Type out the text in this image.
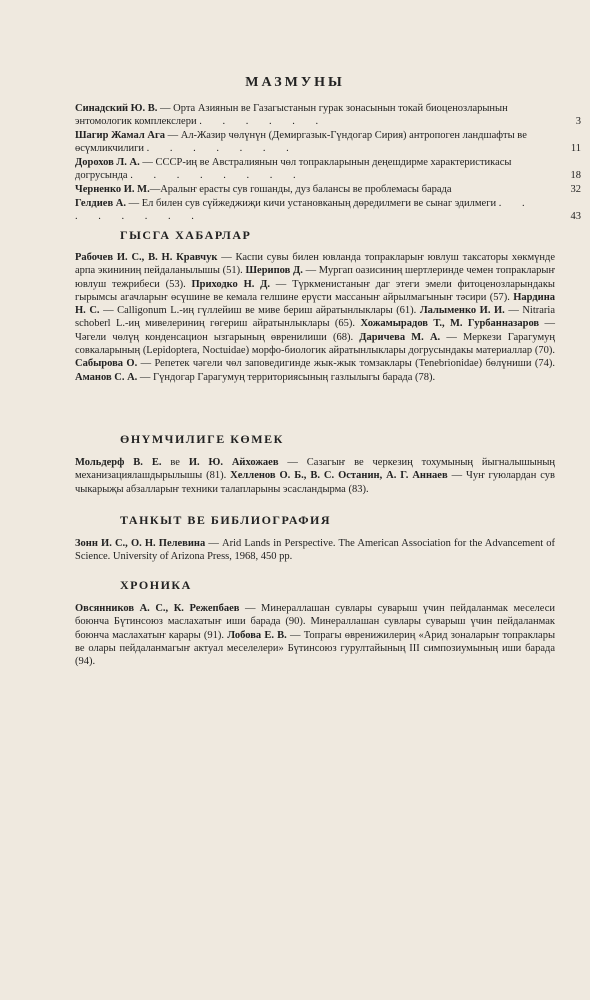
МАЗМУНЫ
Синадский Ю. В. — Орта Азиянын ве Газагыстанын гурак зонасынын токай биоценозларынын энтомологик комплекслери . . . . . .	3
Шагир Жамал Ага — Ал-Жазир чөлүнүн (Демиргазык-Гүндогар Сирия) антропоген ландшафты ве өсүмликчилиги . . . . . . .	11
Дорохов Л. А. — СССР-иң ве Австралиянын чөл топракларынын деңешдирме характеристикасы догрусында . . . . . . . .	18
Черненко И. М.—Аралыҥ ерасты сув гошанды, дуз балансы ве проблемасы барада	32
Гелдиев А. — Ел билен сув сүйжеджиҗи кичи установканың дөредилмеги ве сынаг эдилмеги . . . . . . . .	43
ГЫСГА ХАБАРЛАР
Рабочев И. С., В. Н. Кравчук — Каспи сувы билен ювланда топракларыҥ ювлуш таксаторы хөкмүнде арпа экининиң пейдаланылышы (51). Шерипов Д. — Мургап оазисиниң шертлеринде чемен топракларыҥ ювлуш тежрибеси (53). Приходко Н. Д. — Түркменистаныҥ даг этеги эмели фитоценозларындакы гырымсы агачларыҥ өсүшине ве кемала гелшине ерүсти массаныҥ айрылмагыныҥ тәсири (57). Нардина Н. С. — Calligonum L.-иң гүллейиш ве миве бериш айратынлыклары (61). Лалыменко И. И. — Nitraria schoberl L.-иң мивелериниң гөгериш айратынлыклары (65). Хожамырадов Т., М. Гурбанназаров — Чәгели чөлүң конденсацион ызгарының өвренилиши (68). Даричева М. А. — Меркези Гарагумуң совкаларының (Lepidoptera, Noctuidae) морфо-биологик айратынлыклары догрусындакы материаллар (70). Сабырова О. — Репетек чәгели чөл заповедигинде жык-жык томзаклары (Tenebrionidae) бөлүниши (74). Аманов С. А. — Гүндогар Гарагумуң территориясының газлылыгы барада (78).
ӨНҮМЧИЛИГЕ КӨМЕК
Мольдерф В. Е. ве И. Ю. Айхожаев — Сазагыҥ ве черкезиң тохумының йыгналышының механизациялашдырылышы (81). Хелленов О. Б., В. С. Останин, А. Г. Аннаев — Чуҥ гуюлардан сув чыкарыҗы абзалларыҥ техники талапларыны эсасландырма (83).
ТАНКЫТ ВЕ БИБЛИОГРАФИЯ
Зонн И. С., О. Н. Пелевина — Arid Lands in Perspective. The American Association for the Advancement of Science. University of Arizona Press, 1968, 450 pp.
ХРОНИКА
Овсянников А. С., К. Режепбаев — Минераллашан сувлары суварыш үчин пейдаланмак меселеси боюнча Бүтинсоюз маслахатыҥ иши барада (90). Минераллашан сувлары суварыш үчин пейдаланмак боюнча маслахатыҥ карары (91). Лобова Е. В. — Топрагы өвренижилериң «Арид зоналарыҥ топраклары ве олары пейдаланмагыҥ актуал меселелери» Бүтинсоюз гурултайының III симпозиумының иши барада (94).
